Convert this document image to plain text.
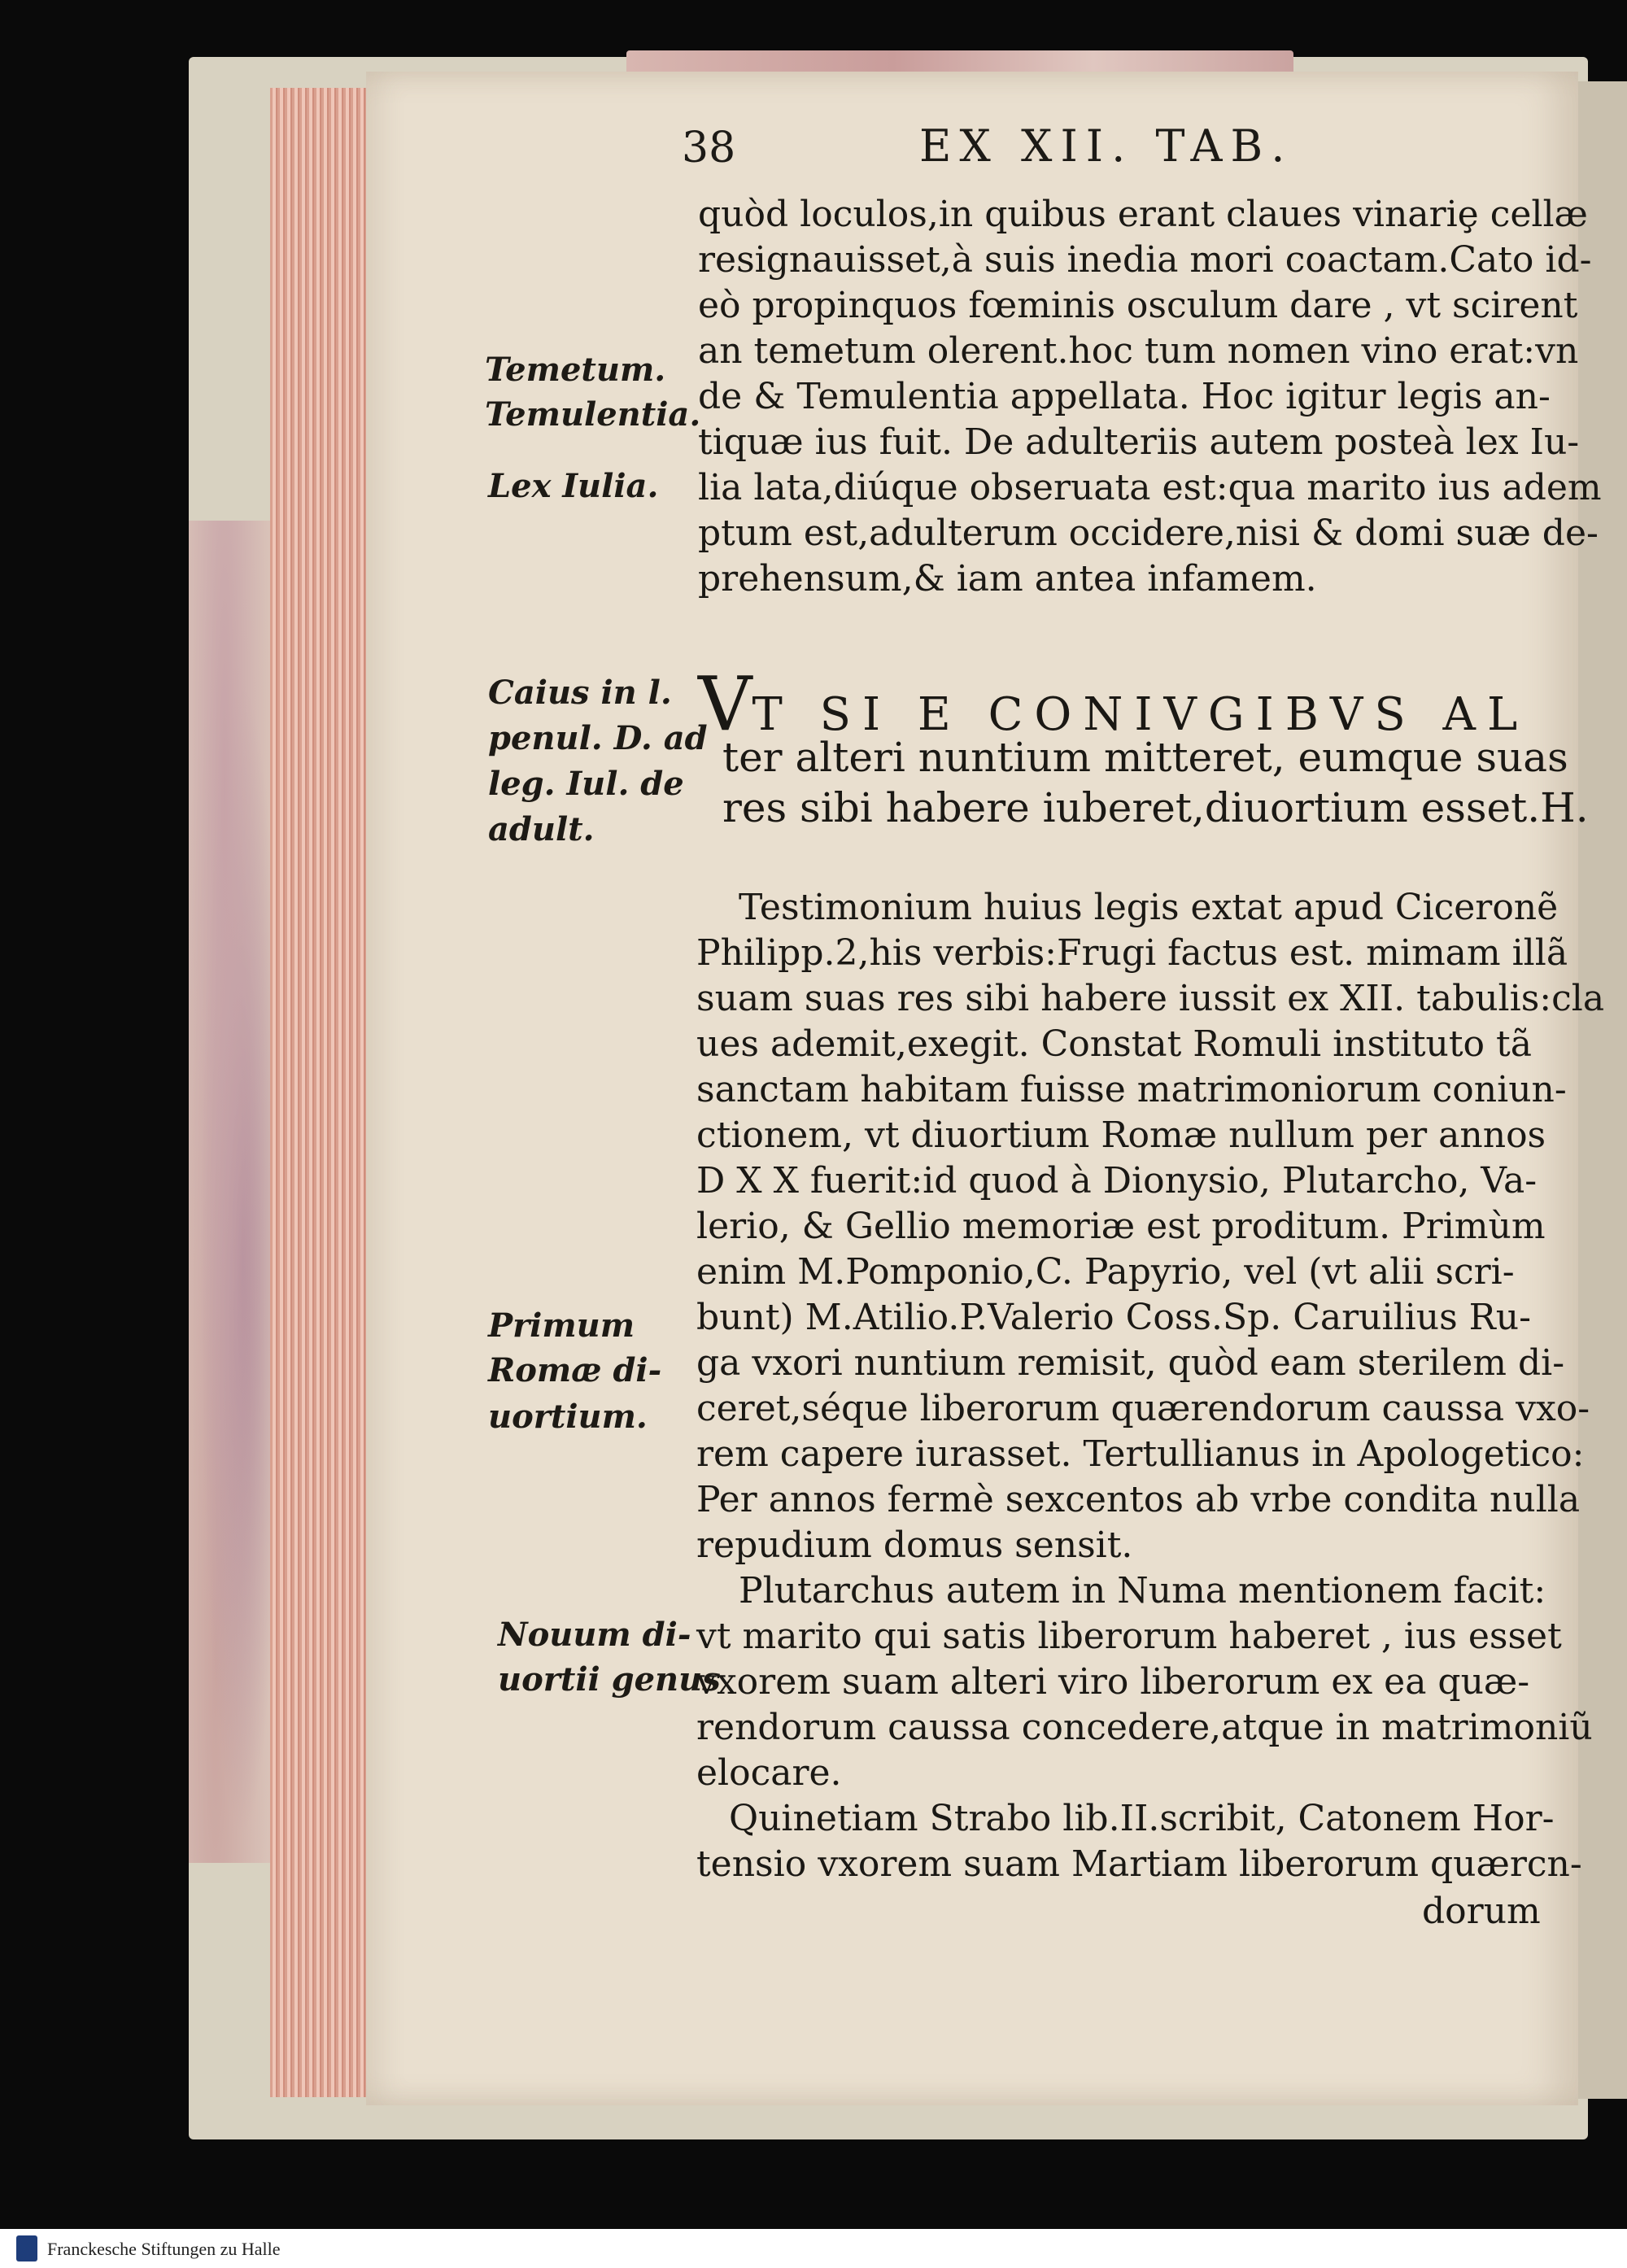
38	EX XII. TAB.
Temetum.
Temulentia.
Lex Iulia.
Caius in l.
penul. D. ad
leg. Iul. de
adult.
Primum
Romæ di-
uortium.
Nouum di-
uortii genus
quòd loculos,in quibus erant claues vinariȩ cellæ
resignauisset,à suis inedia mori coactam.Cato id-
eò propinquos fœminis osculum dare , vt scirent
an temetum olerent.hoc tum nomen vino erat:vn
de & Temulentia appellata. Hoc igitur legis an-
tiquæ ius fuit. De adulteriis autem posteà lex Iu-
lia lata,diúque obseruata est:qua marito ius adem
ptum est,adulterum occidere,nisi & domi suæ de-
prehensum,& iam antea infamem.
VT SI E CONIVGIBVS AL
ter alteri nuntium mitteret, eumque suas
res sibi habere iuberet,diuortium esset.H.
Testimonium huius legis extat apud Ciceronẽ
Philipp.2,his verbis:Frugi factus est. mimam illã
suam suas res sibi habere iussit ex XII. tabulis:cla
ues ademit,exegit. Constat Romuli instituto tã
sanctam habitam fuisse matrimoniorum coniun-
ctionem, vt diuortium Romæ nullum per annos
D X X fuerit:id quod à Dionysio, Plutarcho, Va-
lerio, & Gellio memoriæ est proditum. Primùm
enim M.Pomponio,C. Papyrio, vel (vt alii scri-
bunt) M.Atilio.P.Valerio Coss.Sp. Caruilius Ru-
ga vxori nuntium remisit, quòd eam sterilem di-
ceret,séque liberorum quærendorum caussa vxo-
rem capere iurasset. Tertullianus in Apologetico:
Per annos fermè sexcentos ab vrbe condita nulla
repudium domus sensit.
Plutarchus autem in Numa mentionem facit:
vt marito qui satis liberorum haberet , ius esset
vxorem suam alteri viro liberorum ex ea quæ-
rendorum caussa concedere,atque in matrimoniũ
elocare.
Quinetiam Strabo lib.II.scribit, Catonem Hor-
tensio vxorem suam Martiam liberorum quærcn-
dorum
Franckesche Stiftungen zu Halle
